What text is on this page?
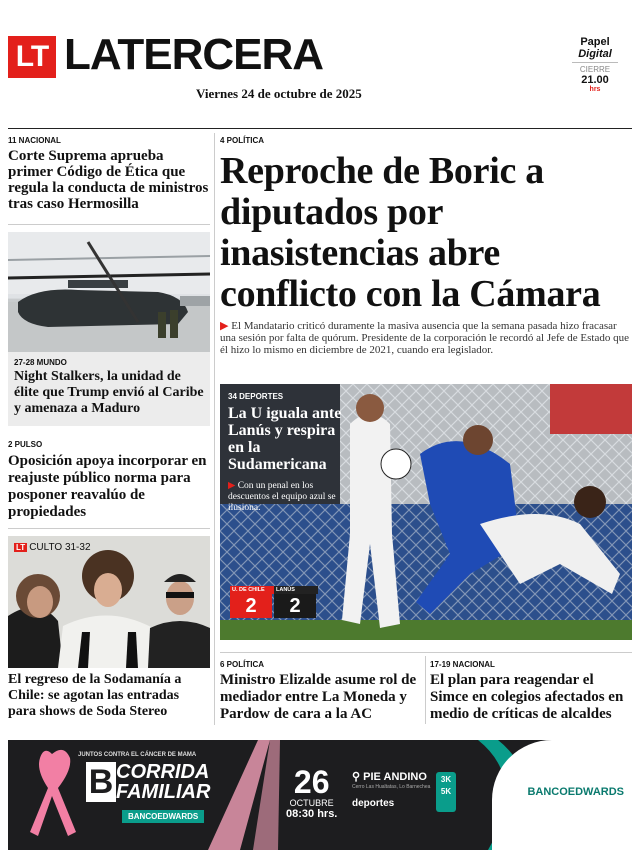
LT LATERCERA
Viernes 24 de octubre de 2025
Papel
Digital
CIERRE
21.00
hrs
11 NACIONAL
Corte Suprema aprueba primer Código de Ética que regula la conducta de ministros tras caso Hermosilla
27-28 MUNDO
Night Stalkers, la unidad de élite que Trump envió al Caribe y amenaza a Maduro
2 PULSO
Oposición apoya incorporar en reajuste público norma para posponer reavalúo de propiedades
LT CULTO 31-32
El regreso de la Sodamanía a Chile: se agotan las entradas para shows de Soda Stereo
4 POLÍTICA
Reproche de Boric a diputados por inasistencias abre conflicto con la Cámara
▶ El Mandatario criticó duramente la masiva ausencia que la semana pasada hizo fracasar una sesión por falta de quórum. Presidente de la corporación le recordó al Jefe de Estado que él hizo lo mismo en diciembre de 2021, cuando era legislador.
34 DEPORTES
La U iguala ante Lanús y respira en la Sudamericana
▶ Con un penal en los descuentos el equipo azul se ilusiona.
U. DE CHILE	LANÚS
2	2
6 POLÍTICA
Ministro Elizalde asume rol de mediador entre La Moneda y Pardow de cara a la AC
17-19 NACIONAL
El plan para reagendar el Simce en colegios afectados en medio de críticas de alcaldes
BANCOEDWARDS
JUNTOS CONTRA EL CÁNCER DE MAMA
B CORRIDA
FAMILIAR
BANCOEDWARDS
26
OCTUBRE
08:30 hrs.
⚲ PIE ANDINO
Cerro Las Hualtatas, Lo Barnechea
deportes
3K
5K
